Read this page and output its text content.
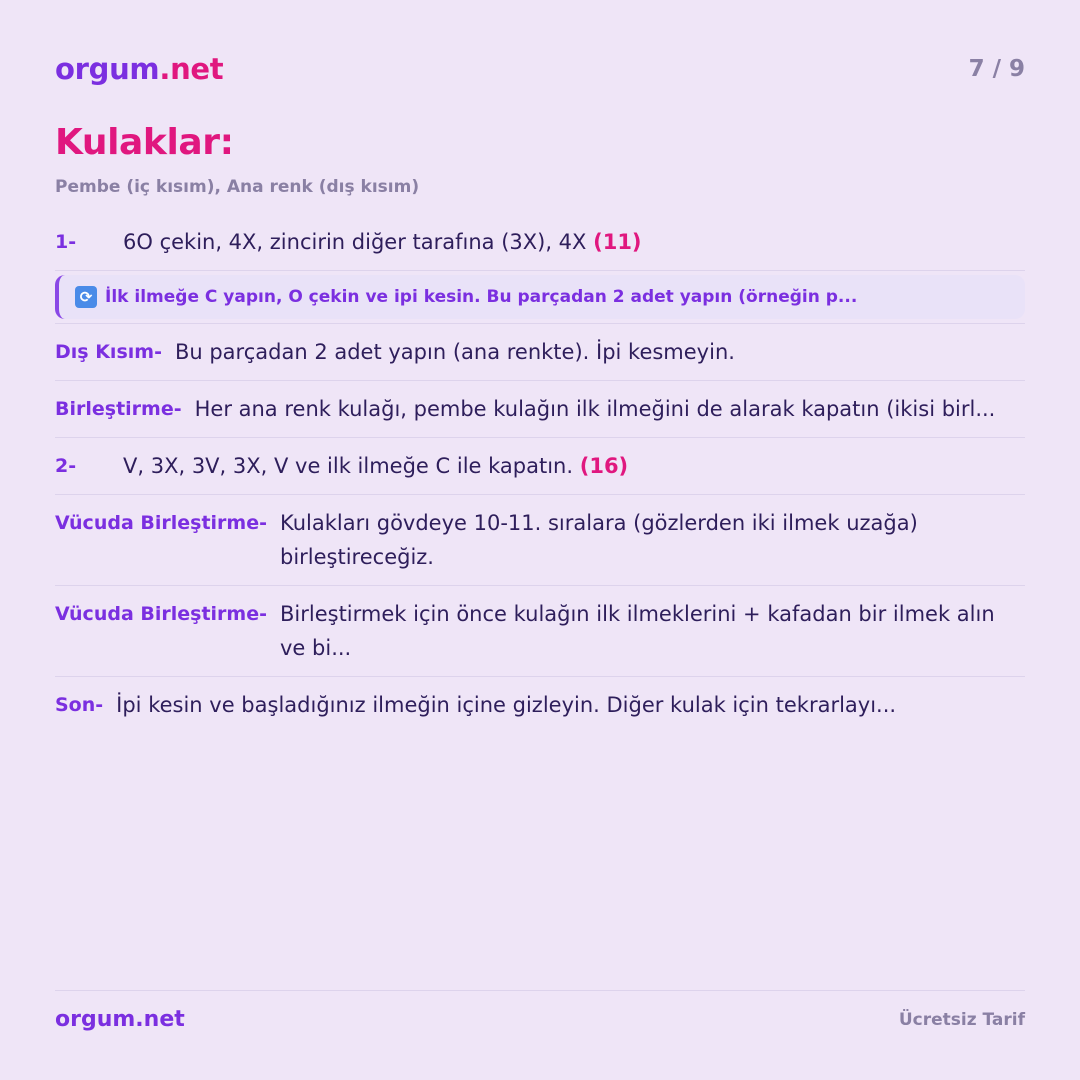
orgum.net	7 / 9
Kulaklar:
Pembe (iç kısım), Ana renk (dış kısım)
1-	6O çekin, 4X, zincirin diğer tarafına (3X), 4X (11)
⟳ İlk ilmeğe C yapın, O çekin ve ipi kesin. Bu parçadan 2 adet yapın (örneğin p...
Dış Kısım- Bu parçadan 2 adet yapın (ana renkte). İpi kesmeyin.
Birleştirme- Her ana renk kulağı, pembe kulağın ilk ilmeğini de alarak kapatın (ikisi birl...
2-	V, 3X, 3V, 3X, V ve ilk ilmeğe C ile kapatın. (16)
Vücuda Birleştirme- Kulakları gövdeye 10-11. sıralara (gözlerden iki ilmek uzağa) birleştireceğiz.
Vücuda Birleştirme- Birleştirmek için önce kulağın ilk ilmeklerini + kafadan bir ilmek alın ve bi...
Son- İpi kesin ve başladığınız ilmeğin içine gizleyin. Diğer kulak için tekrarlayı...
orgum.net	Ücretsiz Tarif
